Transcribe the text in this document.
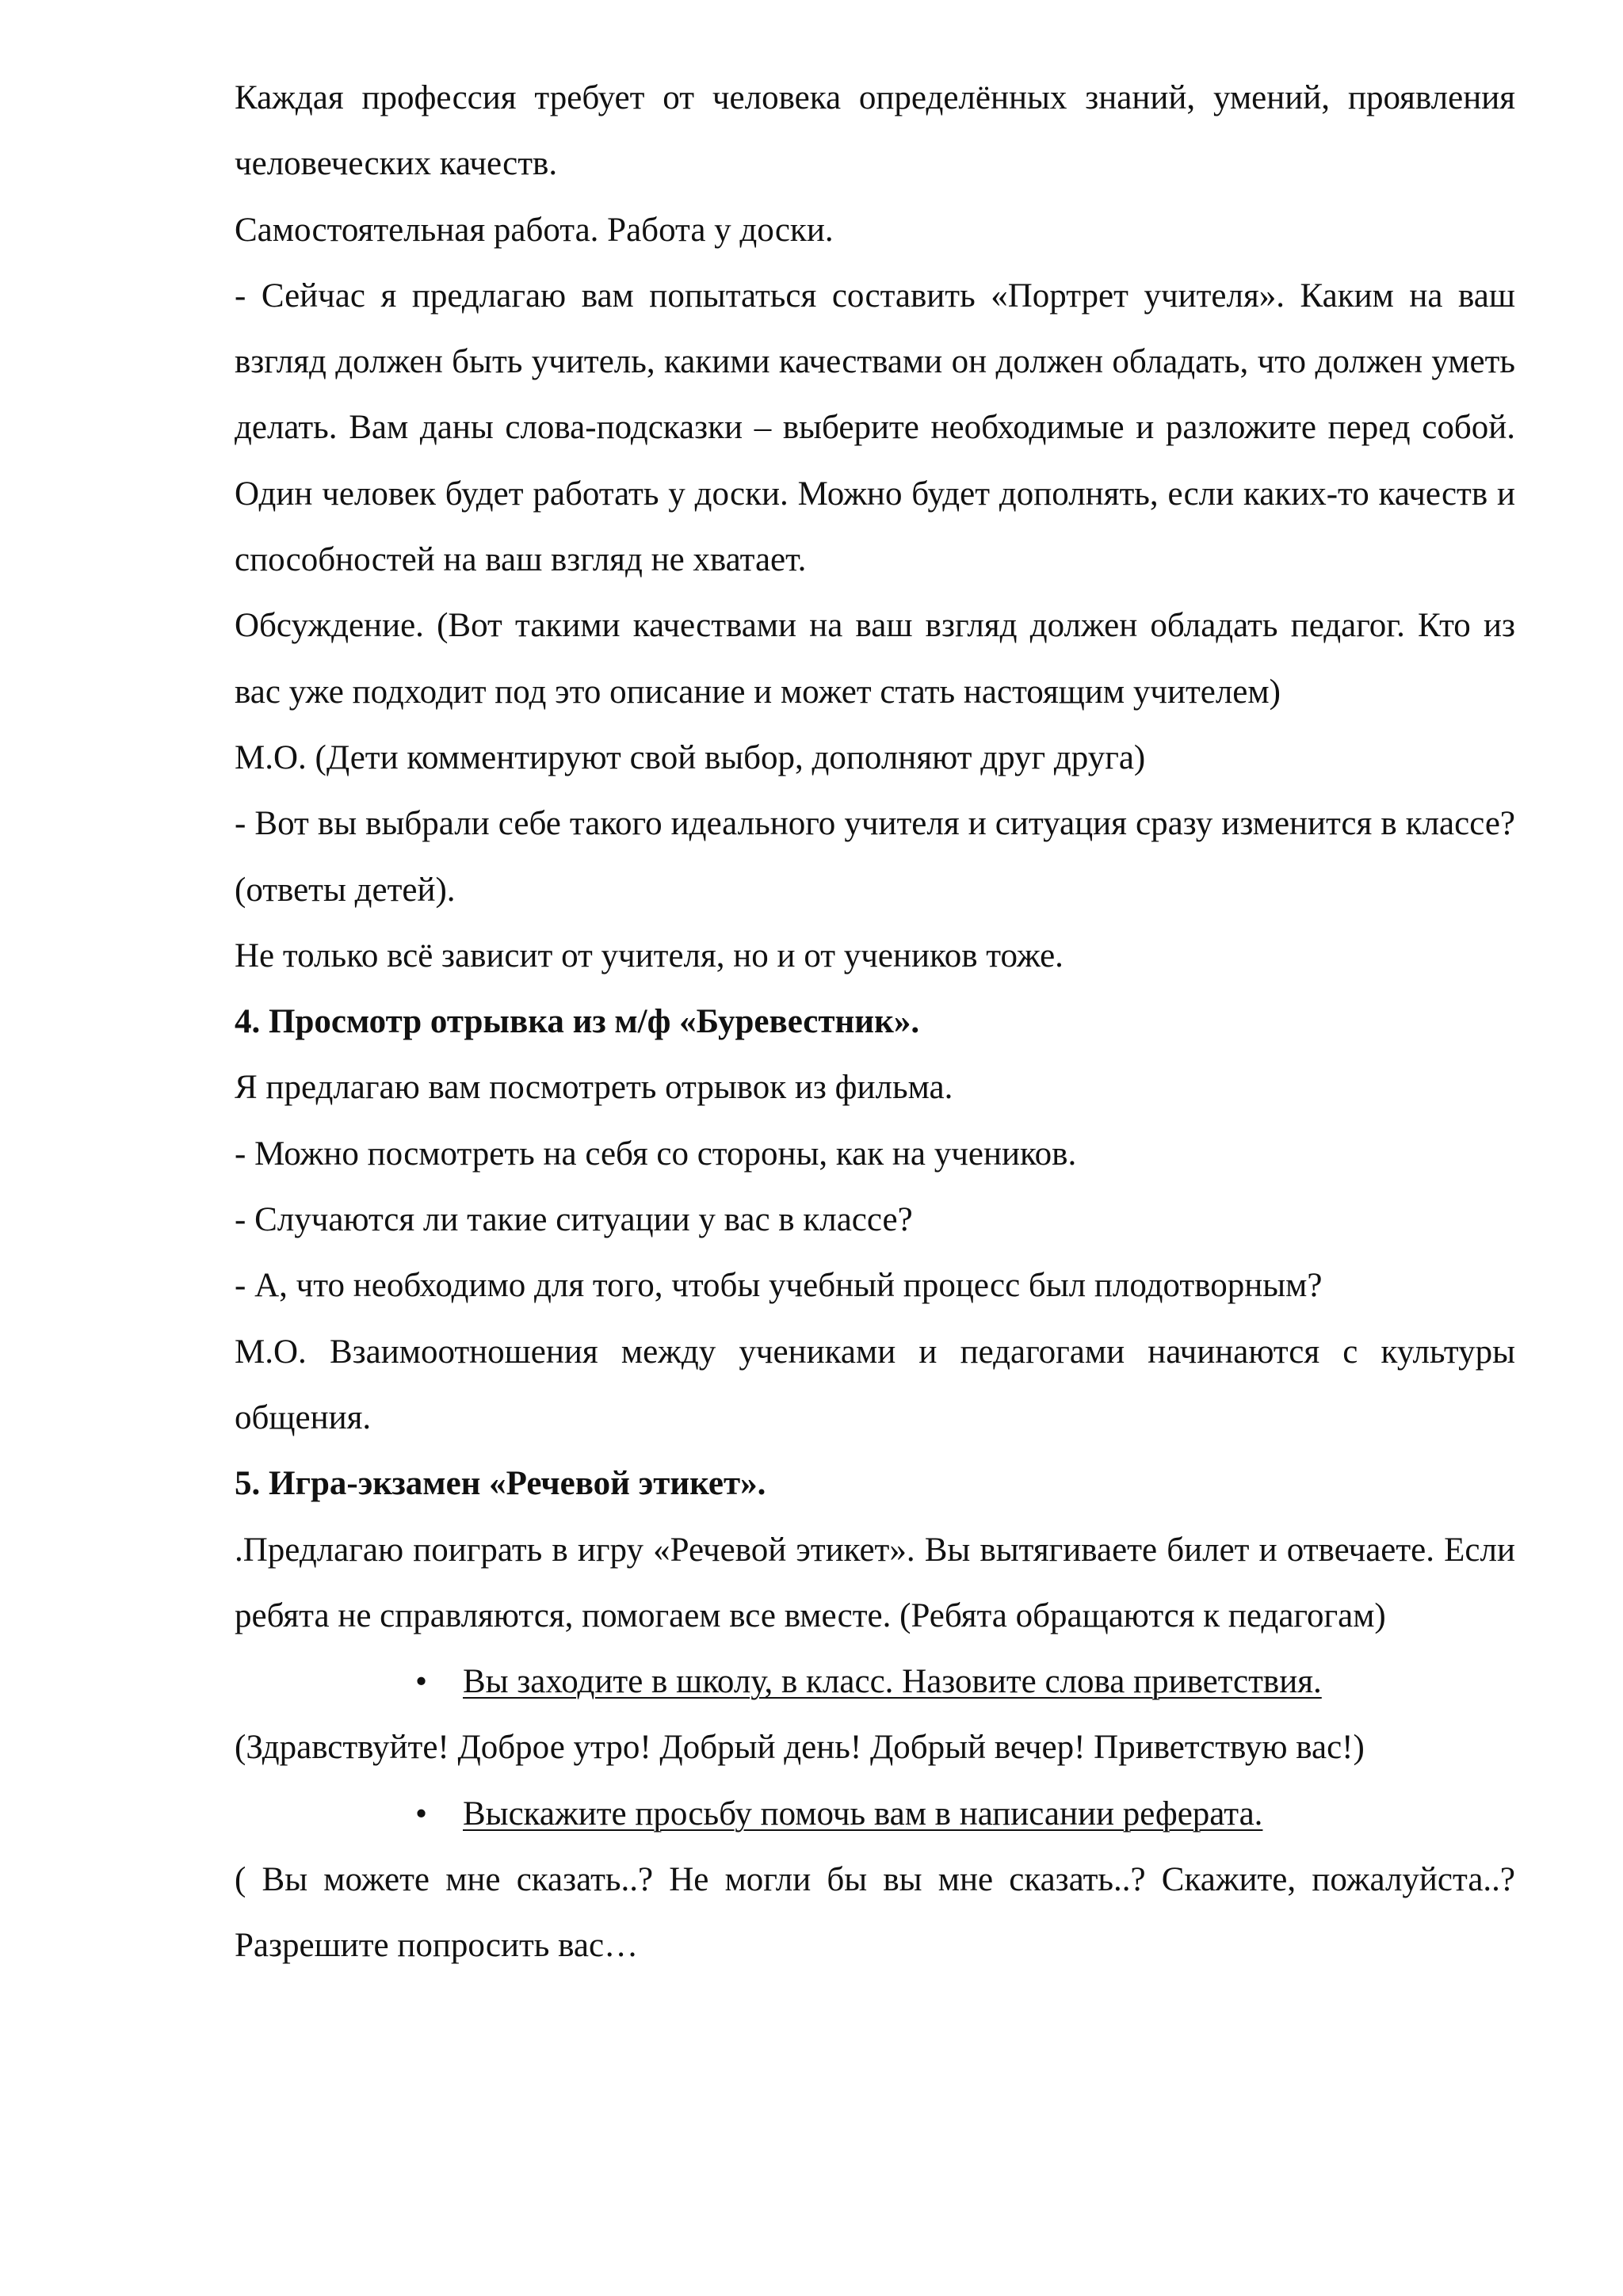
Каждая профессия требует от человека определённых знаний, умений, проявления человеческих качеств.

Самостоятельная работа. Работа у доски.

- Сейчас я предлагаю вам попытаться составить «Портрет учителя». Каким на ваш взгляд должен быть учитель, какими качествами он должен обладать, что должен уметь делать. Вам даны слова-подсказки – выберите необходимые и разложите перед собой. Один человек будет работать у доски. Можно будет дополнять, если каких-то качеств и способностей на ваш взгляд не хватает.

Обсуждение. (Вот такими качествами на ваш взгляд должен обладать педагог. Кто из вас уже подходит под это описание и может стать настоящим учителем)

М.О. (Дети комментируют свой выбор, дополняют друг друга)

- Вот вы выбрали себе такого идеального учителя и ситуация сразу изменится в классе? (ответы детей).

Не только всё зависит от учителя, но и от учеников тоже.

4. Просмотр отрывка из м/ф «Буревестник».

Я предлагаю вам посмотреть отрывок из фильма.

- Можно посмотреть на себя со стороны, как на учеников.

- Случаются ли такие ситуации у вас в классе?

- А, что необходимо для того, чтобы учебный процесс был плодотворным?

М.О. Взаимоотношения между учениками и педагогами начинаются с культуры общения.

5. Игра-экзамен «Речевой этикет».

.Предлагаю поиграть в игру «Речевой этикет». Вы вытягиваете билет и отвечаете. Если ребята не справляются, помогаем все вместе. (Ребята обращаются к педагогам)

•	Вы заходите в школу, в класс. Назовите слова приветствия.

(Здравствуйте! Доброе утро! Добрый день! Добрый вечер! Приветствую вас!)

•	Выскажите просьбу помочь вам в написании реферата.

( Вы можете мне сказать..? Не могли бы вы мне сказать..? Скажите, пожалуйста..? Разрешите попросить вас…
